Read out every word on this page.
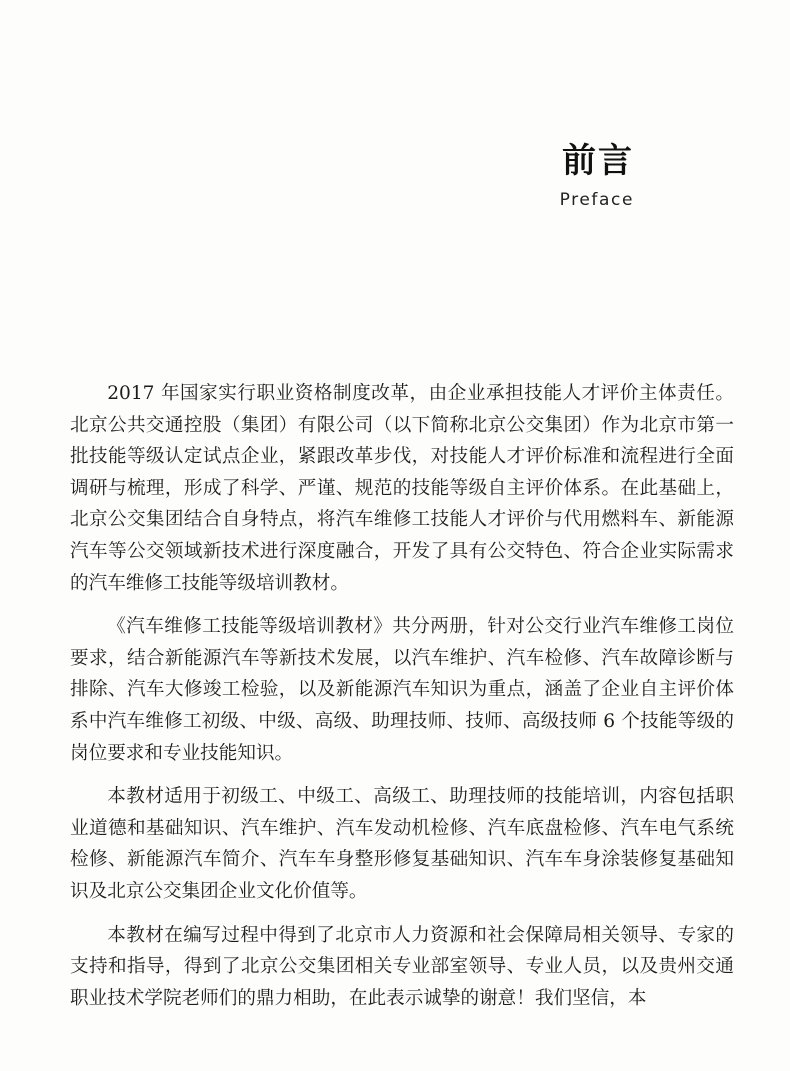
前言
Preface

2017 年国家实行职业资格制度改革，由企业承担技能人才评价主体责任。北京公共交通控股（集团）有限公司（以下简称北京公交集团）作为北京市第一批技能等级认定试点企业，紧跟改革步伐，对技能人才评价标准和流程进行全面调研与梳理，形成了科学、严谨、规范的技能等级自主评价体系。在此基础上，北京公交集团结合自身特点，将汽车维修工技能人才评价与代用燃料车、新能源汽车等公交领域新技术进行深度融合，开发了具有公交特色、符合企业实际需求的汽车维修工技能等级培训教材。

《汽车维修工技能等级培训教材》共分两册，针对公交行业汽车维修工岗位要求，结合新能源汽车等新技术发展，以汽车维护、汽车检修、汽车故障诊断与排除、汽车大修竣工检验，以及新能源汽车知识为重点，涵盖了企业自主评价体系中汽车维修工初级、中级、高级、助理技师、技师、高级技师 6 个技能等级的岗位要求和专业技能知识。

本教材适用于初级工、中级工、高级工、助理技师的技能培训，内容包括职业道德和基础知识、汽车维护、汽车发动机检修、汽车底盘检修、汽车电气系统检修、新能源汽车简介、汽车车身整形修复基础知识、汽车车身涂装修复基础知识及北京公交集团企业文化价值等。

本教材在编写过程中得到了北京市人力资源和社会保障局相关领导、专家的支持和指导，得到了北京公交集团相关专业部室领导、专业人员，以及贵州交通职业技术学院老师们的鼎力相助，在此表示诚挚的谢意！我们坚信，本
